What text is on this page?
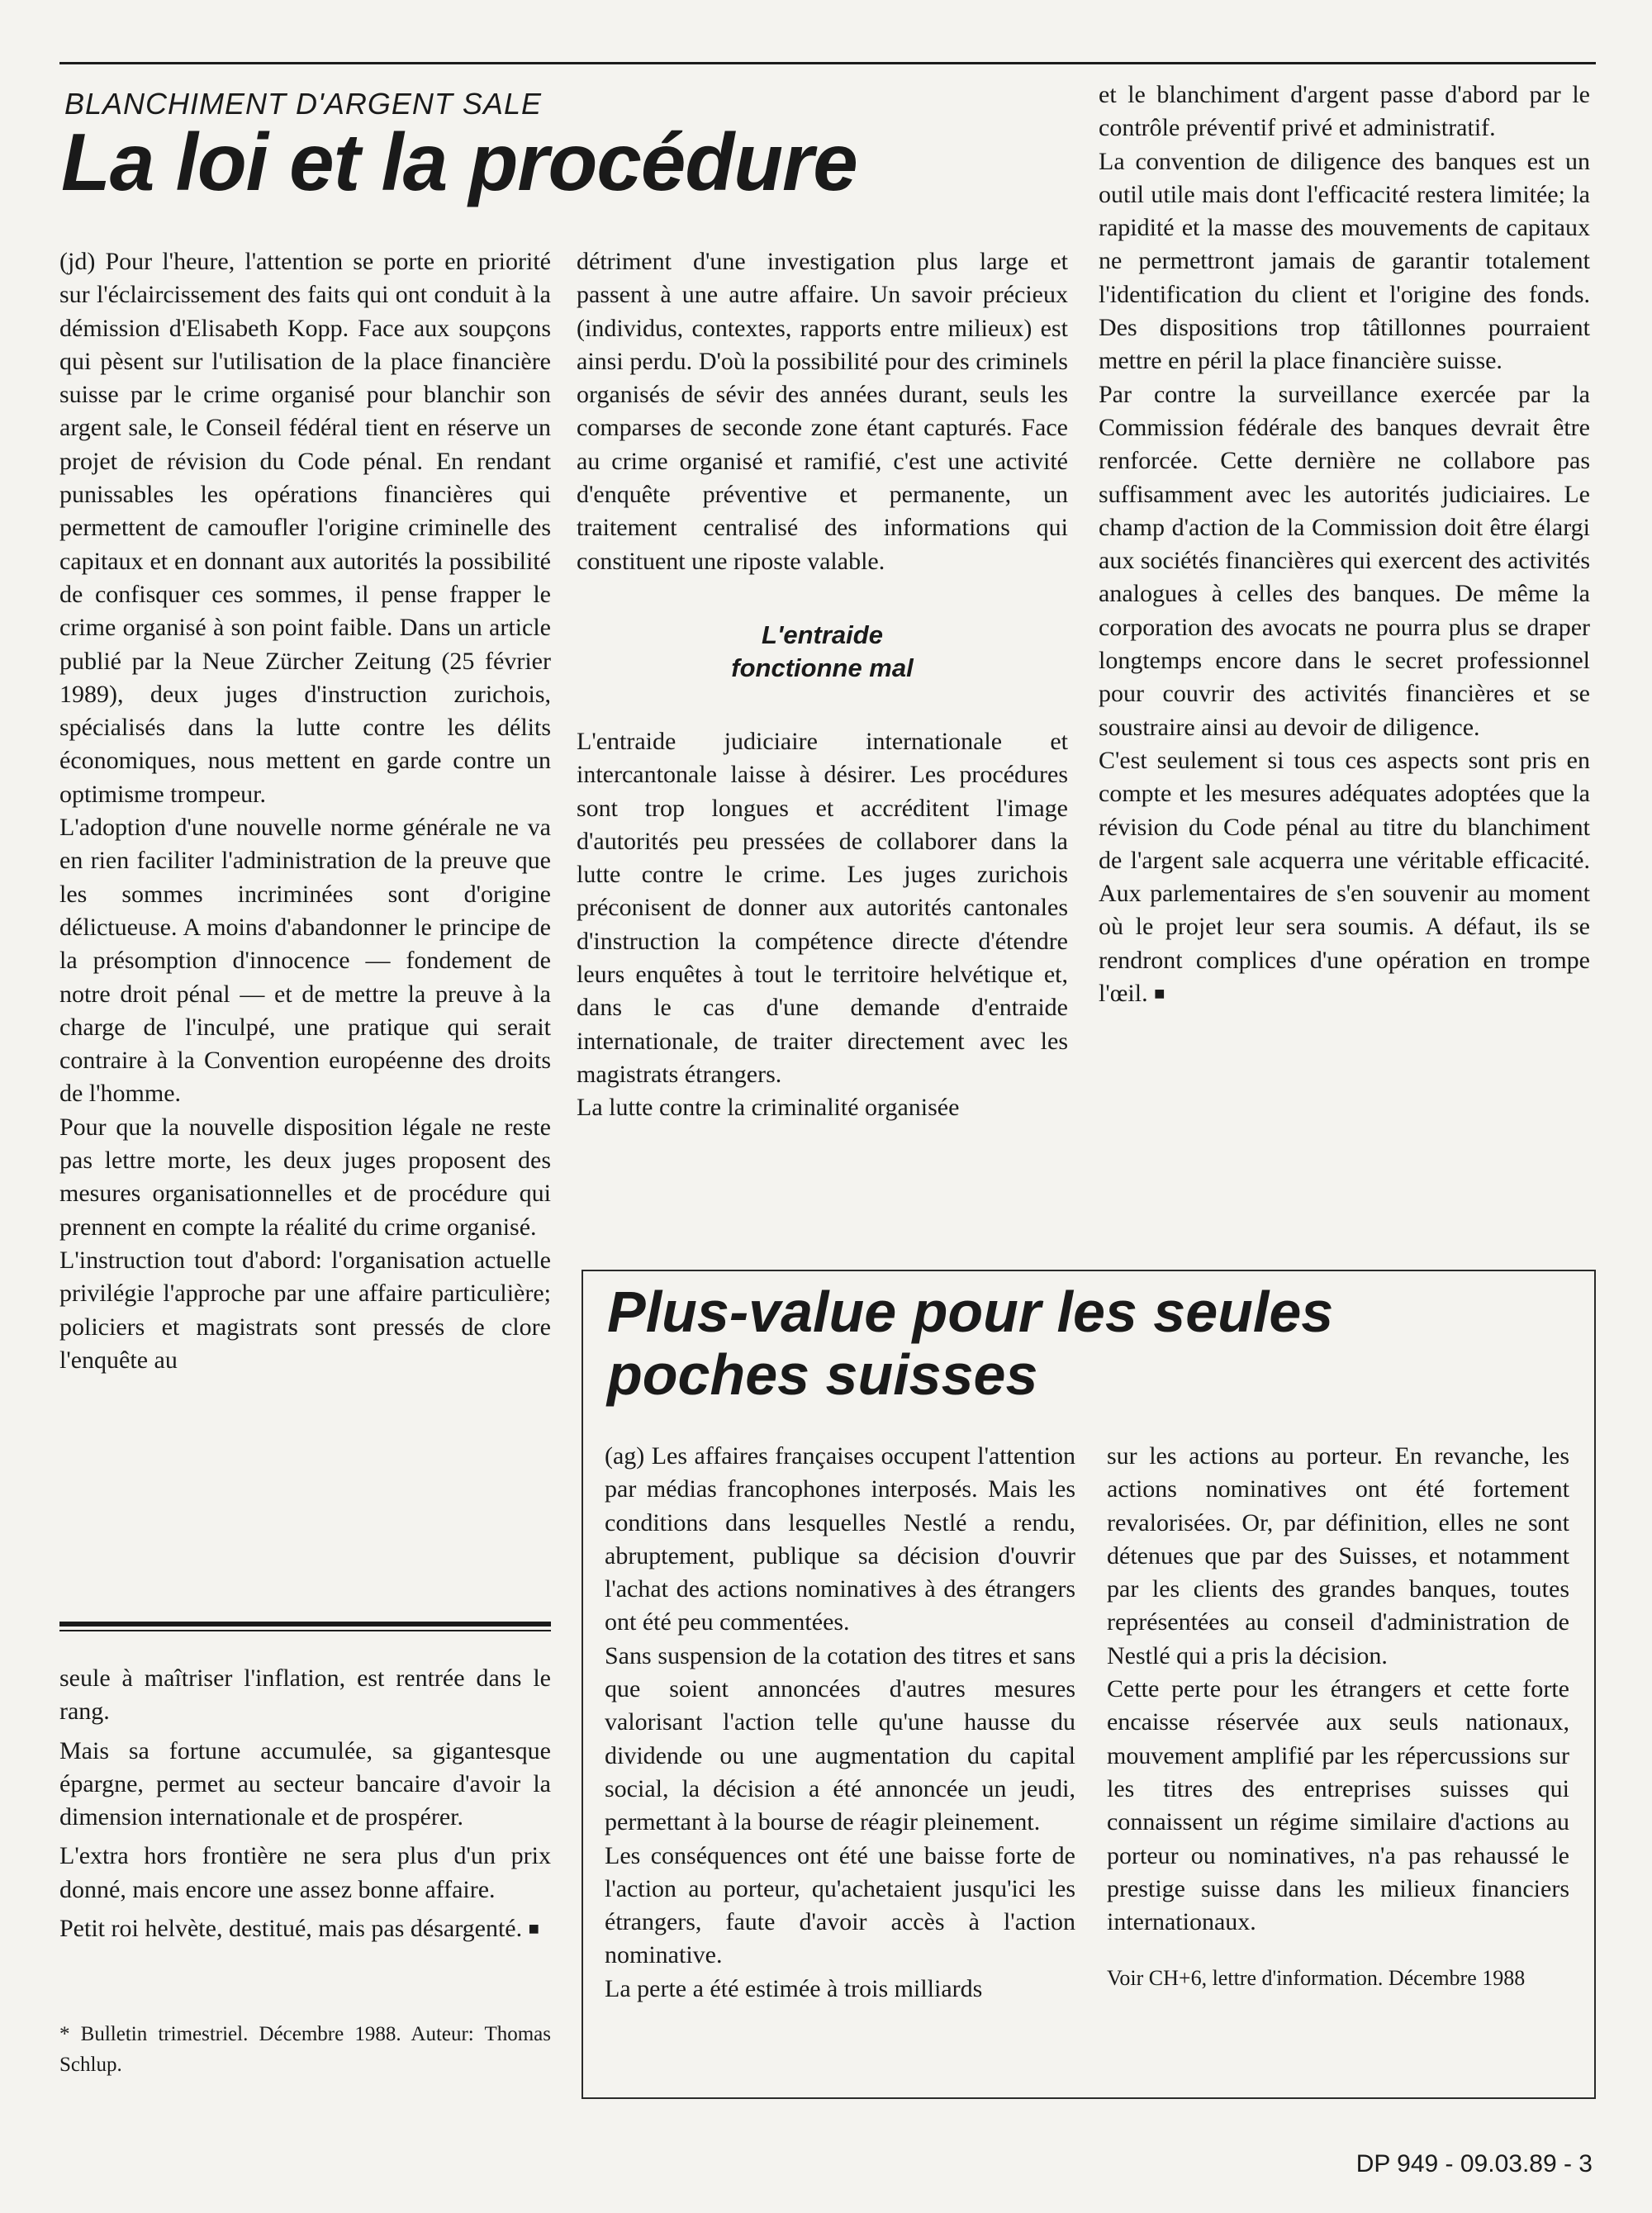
BLANCHIMENT D'ARGENT SALE
La loi et la procédure

(jd) Pour l'heure, l'attention se porte en priorité sur l'éclaircissement des faits qui ont conduit à la démission d'Elisabeth Kopp. Face aux soupçons qui pèsent sur l'utilisation de la place financière suisse par le crime organisé pour blanchir son argent sale, le Conseil fédéral tient en réserve un projet de révision du Code pénal. En rendant punissables les opérations financières qui permettent de camoufler l'origine criminelle des capitaux et en donnant aux autorités la possibilité de confisquer ces sommes, il pense frapper le crime organisé à son point faible. Dans un article publié par la Neue Zürcher Zeitung (25 février 1989), deux juges d'instruction zurichois, spécialisés dans la lutte contre les délits économiques, nous mettent en garde contre un optimisme trompeur.

L'adoption d'une nouvelle norme générale ne va en rien faciliter l'administration de la preuve que les sommes incriminées sont d'origine délictueuse. A moins d'abandonner le principe de la présomption d'innocence — fondement de notre droit pénal — et de mettre la preuve à la charge de l'inculpé, une pratique qui serait contraire à la Convention européenne des droits de l'homme.

Pour que la nouvelle disposition légale ne reste pas lettre morte, les deux juges proposent des mesures organisationnelles et de procédure qui prennent en compte la réalité du crime organisé.

L'instruction tout d'abord: l'organisation actuelle privilégie l'approche par une affaire particulière; policiers et magistrats sont pressés de clore l'enquête au

détriment d'une investigation plus large et passent à une autre affaire. Un savoir précieux (individus, contextes, rapports entre milieux) est ainsi perdu. D'où la possibilité pour des criminels organisés de sévir des années durant, seuls les comparses de seconde zone étant capturés. Face au crime organisé et ramifié, c'est une activité d'enquête préventive et permanente, un traitement centralisé des informations qui constituent une riposte valable.

L'entraide
fonctionne mal

L'entraide judiciaire internationale et intercantonale laisse à désirer. Les procédures sont trop longues et accréditent l'image d'autorités peu pressées de collaborer dans la lutte contre le crime. Les juges zurichois préconisent de donner aux autorités cantonales d'instruction la compétence directe d'étendre leurs enquêtes à tout le territoire helvétique et, dans le cas d'une demande d'entraide internationale, de traiter directement avec les magistrats étrangers.

La lutte contre la criminalité organisée

et le blanchiment d'argent passe d'abord par le contrôle préventif privé et administratif.

La convention de diligence des banques est un outil utile mais dont l'efficacité restera limitée; la rapidité et la masse des mouvements de capitaux ne permettront jamais de garantir totalement l'identification du client et l'origine des fonds. Des dispositions trop tâtillonnes pourraient mettre en péril la place financière suisse.

Par contre la surveillance exercée par la Commission fédérale des banques devrait être renforcée. Cette dernière ne collabore pas suffisamment avec les autorités judiciaires. Le champ d'action de la Commission doit être élargi aux sociétés financières qui exercent des activités analogues à celles des banques. De même la corporation des avocats ne pourra plus se draper longtemps encore dans le secret professionnel pour couvrir des activités financières et se soustraire ainsi au devoir de diligence.

C'est seulement si tous ces aspects sont pris en compte et les mesures adéquates adoptées que la révision du Code pénal au titre du blanchiment de l'argent sale acquerra une véritable efficacité. Aux parlementaires de s'en souvenir au moment où le projet leur sera soumis. A défaut, ils se rendront complices d'une opération en trompe l'œil. ■

seule à maîtriser l'inflation, est rentrée dans le rang.

Mais sa fortune accumulée, sa gigantesque épargne, permet au secteur bancaire d'avoir la dimension internationale et de prospérer.

L'extra hors frontière ne sera plus d'un prix donné, mais encore une assez bonne affaire.

Petit roi helvète, destitué, mais pas désargenté. ■

* Bulletin trimestriel. Décembre 1988. Auteur: Thomas Schlup.
Plus-value pour les seules
poches suisses

(ag) Les affaires françaises occupent l'attention par médias francophones interposés. Mais les conditions dans lesquelles Nestlé a rendu, abruptement, publique sa décision d'ouvrir l'achat des actions nominatives à des étrangers ont été peu commentées.

Sans suspension de la cotation des titres et sans que soient annoncées d'autres mesures valorisant l'action telle qu'une hausse du dividende ou une augmentation du capital social, la décision a été annoncée un jeudi, permettant à la bourse de réagir pleinement.

Les conséquences ont été une baisse forte de l'action au porteur, qu'achetaient jusqu'ici les étrangers, faute d'avoir accès à l'action nominative.

La perte a été estimée à trois milliards

sur les actions au porteur. En revanche, les actions nominatives ont été fortement revalorisées. Or, par définition, elles ne sont détenues que par des Suisses, et notamment par les clients des grandes banques, toutes représentées au conseil d'administration de Nestlé qui a pris la décision.

Cette perte pour les étrangers et cette forte encaisse réservée aux seuls nationaux, mouvement amplifié par les répercussions sur les titres des entreprises suisses qui connaissent un régime similaire d'actions au porteur ou nominatives, n'a pas rehaussé le prestige suisse dans les milieux financiers internationaux.

Voir CH+6, lettre d'information. Décembre 1988

DP 949 - 09.03.89 - 3
